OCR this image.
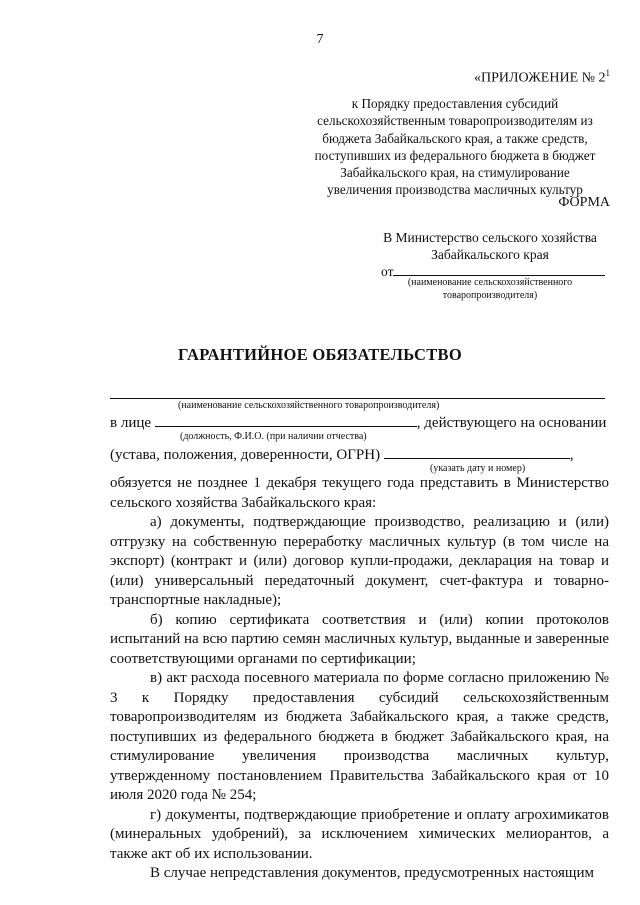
7
«ПРИЛОЖЕНИЕ № $2^1$
к Порядку предоставления субсидий
сельскохозяйственным товаропроизводителям из
бюджета Забайкальского края, а также средств,
поступивших из федерального бюджета в бюджет
Забайкальского края, на стимулирование
увеличения производства масличных культур
ФОРМА
В Министерство сельского хозяйства
Забайкальского края
от
(наименование сельскохозяйственного
товаропроизводителя)
ГАРАНТИЙНОЕ ОБЯЗАТЕЛЬСТВО
(наименование сельскохозяйственного товаропроизводителя)
в лице	, действующего на основании
(должность, Ф.И.О. (при наличии отчества)
(устава, положения, доверенности, ОГРН)	,
(указать дату и номер)

обязуется не позднее 1 декабря текущего года представить в Министерство сельского хозяйства Забайкальского края:

а) документы, подтверждающие производство, реализацию и (или) отгрузку на собственную переработку масличных культур (в том числе на экспорт) (контракт и (или) договор купли-продажи, декларация на товар и (или) универсальный передаточный документ, счет-фактура и товарно-транспортные накладные);

б) копию сертификата соответствия и (или) копии протоколов испытаний на всю партию семян масличных культур, выданные и заверенные соответствующими органами по сертификации;

в) акт расхода посевного материала по форме согласно приложению № 3 к Порядку предоставления субсидий сельскохозяйственным товаропроизводителям из бюджета Забайкальского края, а также средств, поступивших из федерального бюджета в бюджет Забайкальского края, на стимулирование увеличения производства масличных культур, утвержденному постановлением Правительства Забайкальского края от 10 июля 2020 года № 254;

г) документы, подтверждающие приобретение и оплату агрохимикатов (минеральных удобрений), за исключением химических мелиорантов, а также акт об их использовании.

В случае непредставления документов, предусмотренных настоящим
